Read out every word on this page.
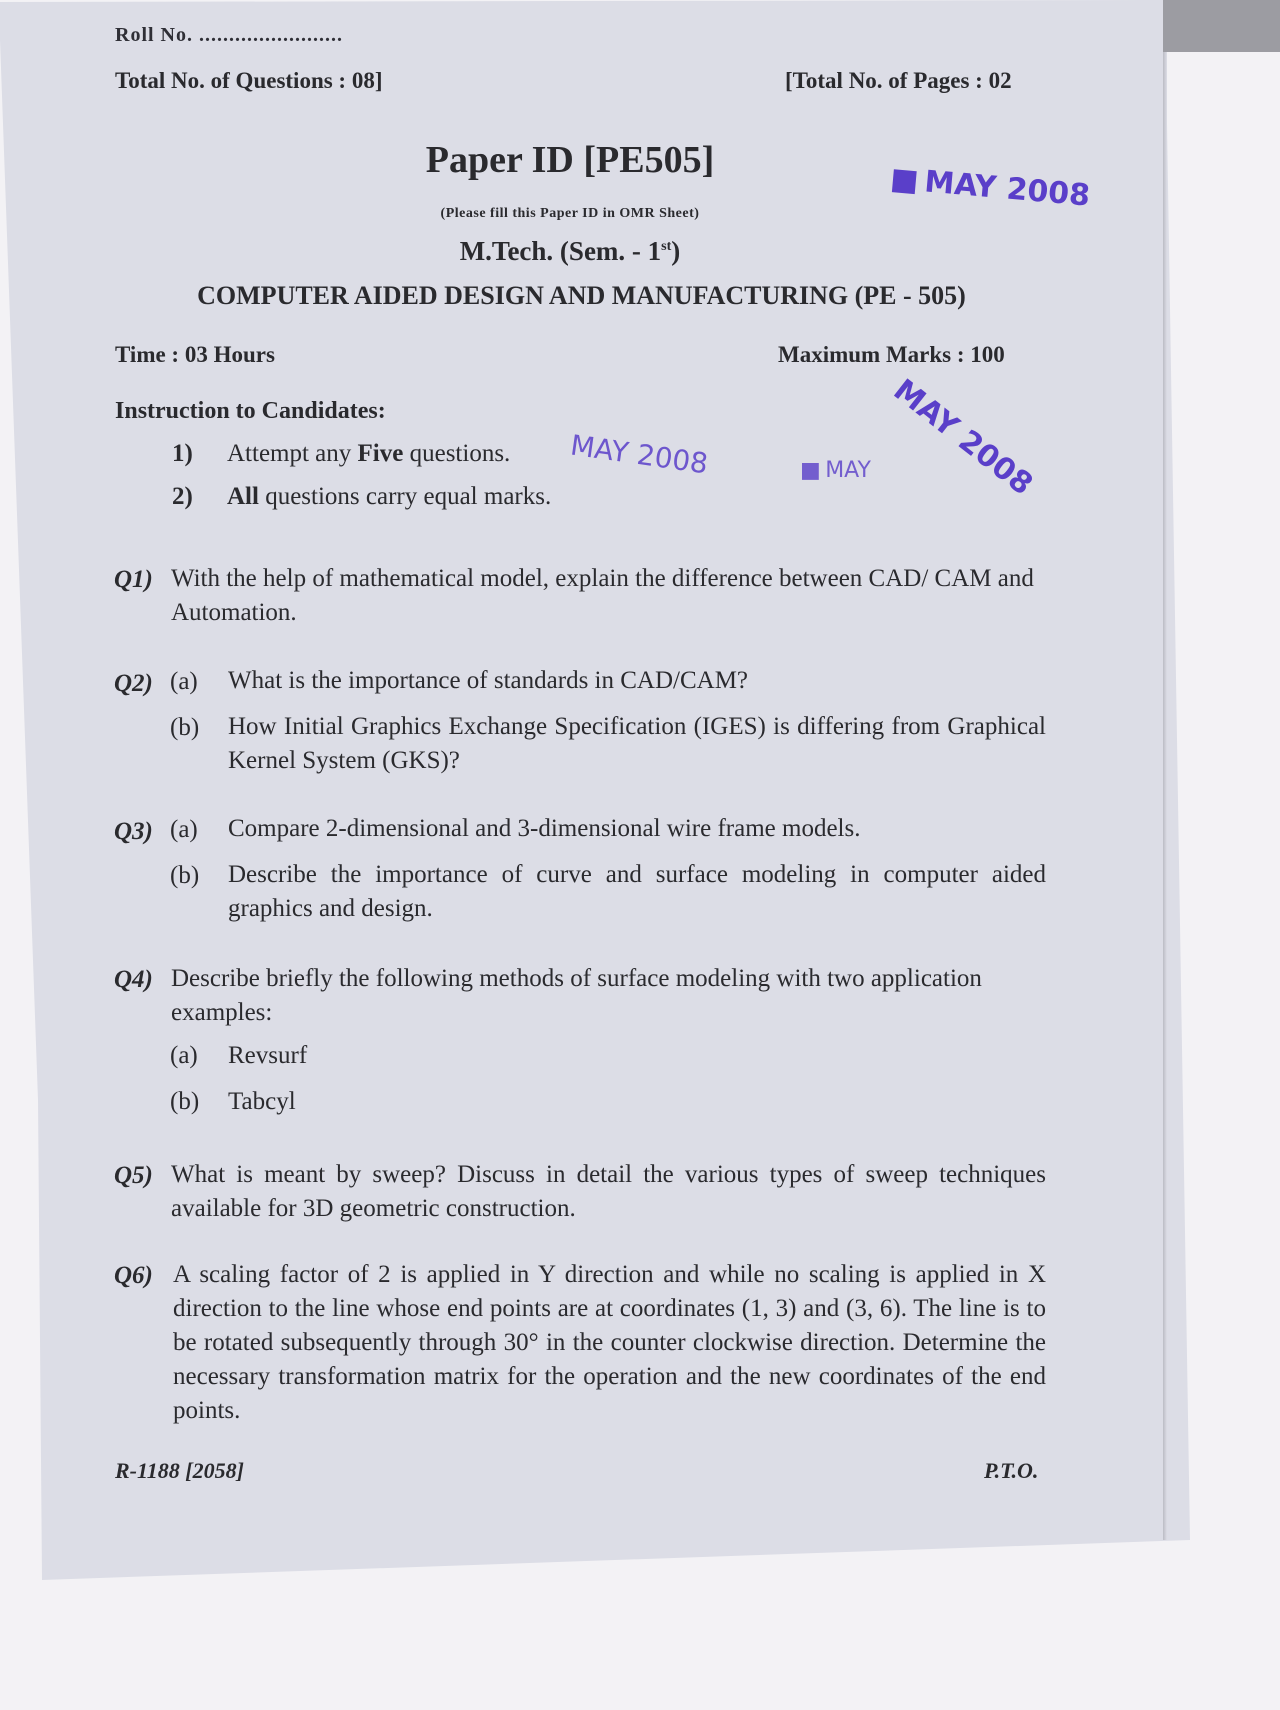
Roll No. ........................
Total No. of Questions : 08]	[Total No. of Pages : 02
Paper ID [PE505]
(Please fill this Paper ID in OMR Sheet)
M.Tech. (Sem. - 1st)
COMPUTER AIDED DESIGN AND MANUFACTURING (PE - 505)
Time : 03 Hours	Maximum Marks : 100
Instruction to Candidates:
1) Attempt any Five questions.
2) All questions carry equal marks.
Q1) With the help of mathematical model, explain the difference between CAD/ CAM and Automation.
Q2) (a) What is the importance of standards in CAD/CAM?
(b) How Initial Graphics Exchange Specification (IGES) is differing from Graphical Kernel System (GKS)?
Q3) (a) Compare 2-dimensional and 3-dimensional wire frame models.
(b) Describe the importance of curve and surface modeling in computer aided graphics and design.
Q4) Describe briefly the following methods of surface modeling with two application examples:
(a) Revsurf
(b) Tabcyl
Q5) What is meant by sweep? Discuss in detail the various types of sweep techniques available for 3D geometric construction.
Q6) A scaling factor of 2 is applied in Y direction and while no scaling is applied in X direction to the line whose end points are at coordinates (1, 3) and (3, 6). The line is to be rotated subsequently through 30° in the counter clockwise direction. Determine the necessary transformation matrix for the operation and the new coordinates of the end points.
R-1188 [2058]	P.T.O.
■ MAY 2008
MAY 2008	MAY 2008
■ MAY
